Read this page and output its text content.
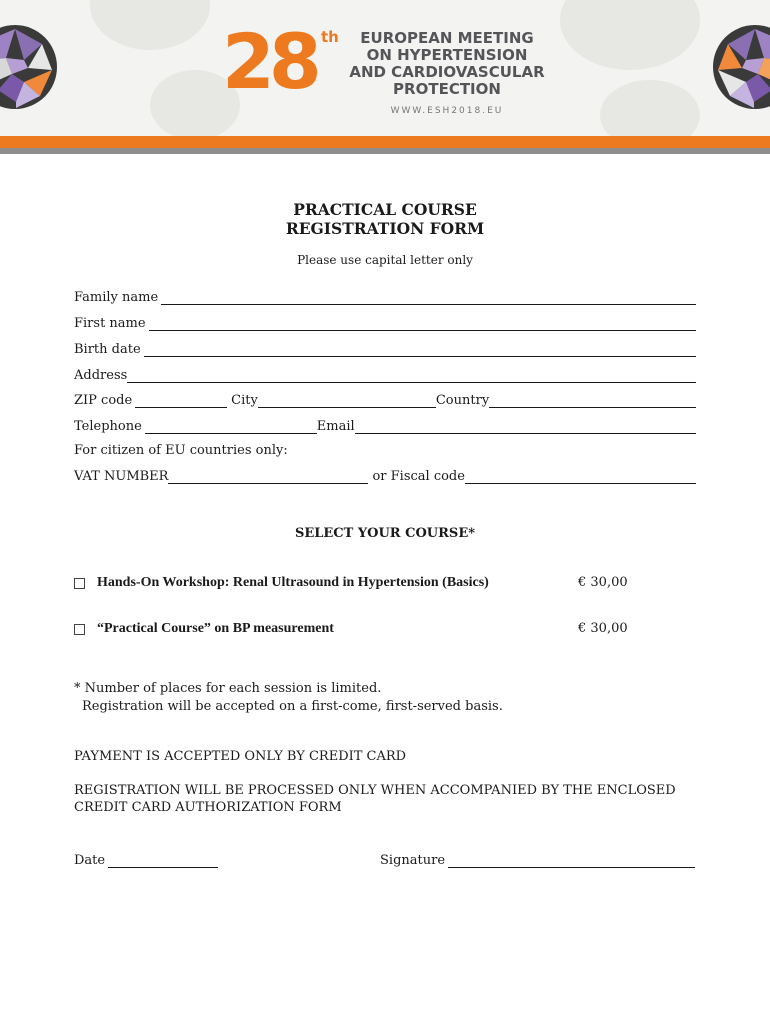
28 th	EUROPEAN MEETING
ON HYPERTENSION
AND CARDIOVASCULAR
PROTECTION
WWW.ESH2018.EU
PRACTICAL COURSE
REGISTRATION FORM
Please use capital letter only
Family name
First name
Birth date
Address
ZIP code	City	Country
Telephone	Email
For citizen of EU countries only:
VAT NUMBER	or Fiscal code
SELECT YOUR COURSE*
Hands-On Workshop: Renal Ultrasound in Hypertension (Basics)	€ 30,00
“Practical Course” on BP measurement	€ 30,00
* Number of places for each session is limited.
Registration will be accepted on a first-come, first-served basis.
PAYMENT IS ACCEPTED ONLY BY CREDIT CARD
REGISTRATION WILL BE PROCESSED ONLY WHEN ACCOMPANIED BY THE ENCLOSED
CREDIT CARD AUTHORIZATION FORM
Date	Signature
